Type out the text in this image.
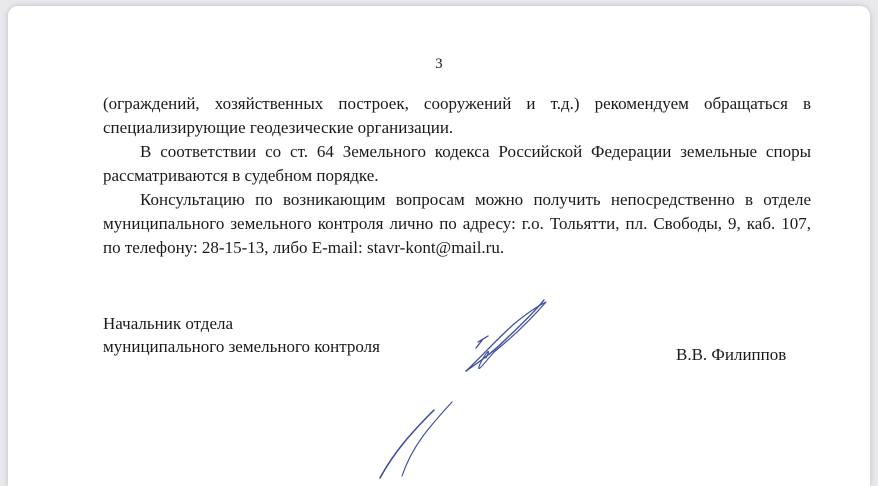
3

(ограждений, хозяйственных построек, сооружений и т.д.) рекомендуем обращаться в специализирующие геодезические организации.

В соответствии со ст. 64 Земельного кодекса Российской Федерации земельные споры рассматриваются в судебном порядке.

Консультацию по возникающим вопросам можно получить непосредственно в отделе муниципального земельного контроля лично по адресу: г.о. Тольятти, пл. Свободы, 9, каб. 107, по телефону: 28-15-13, либо E-mail: stavr-kont@mail.ru.

Начальник отдела
муниципального земельного контроля	В.В. Филиппов
